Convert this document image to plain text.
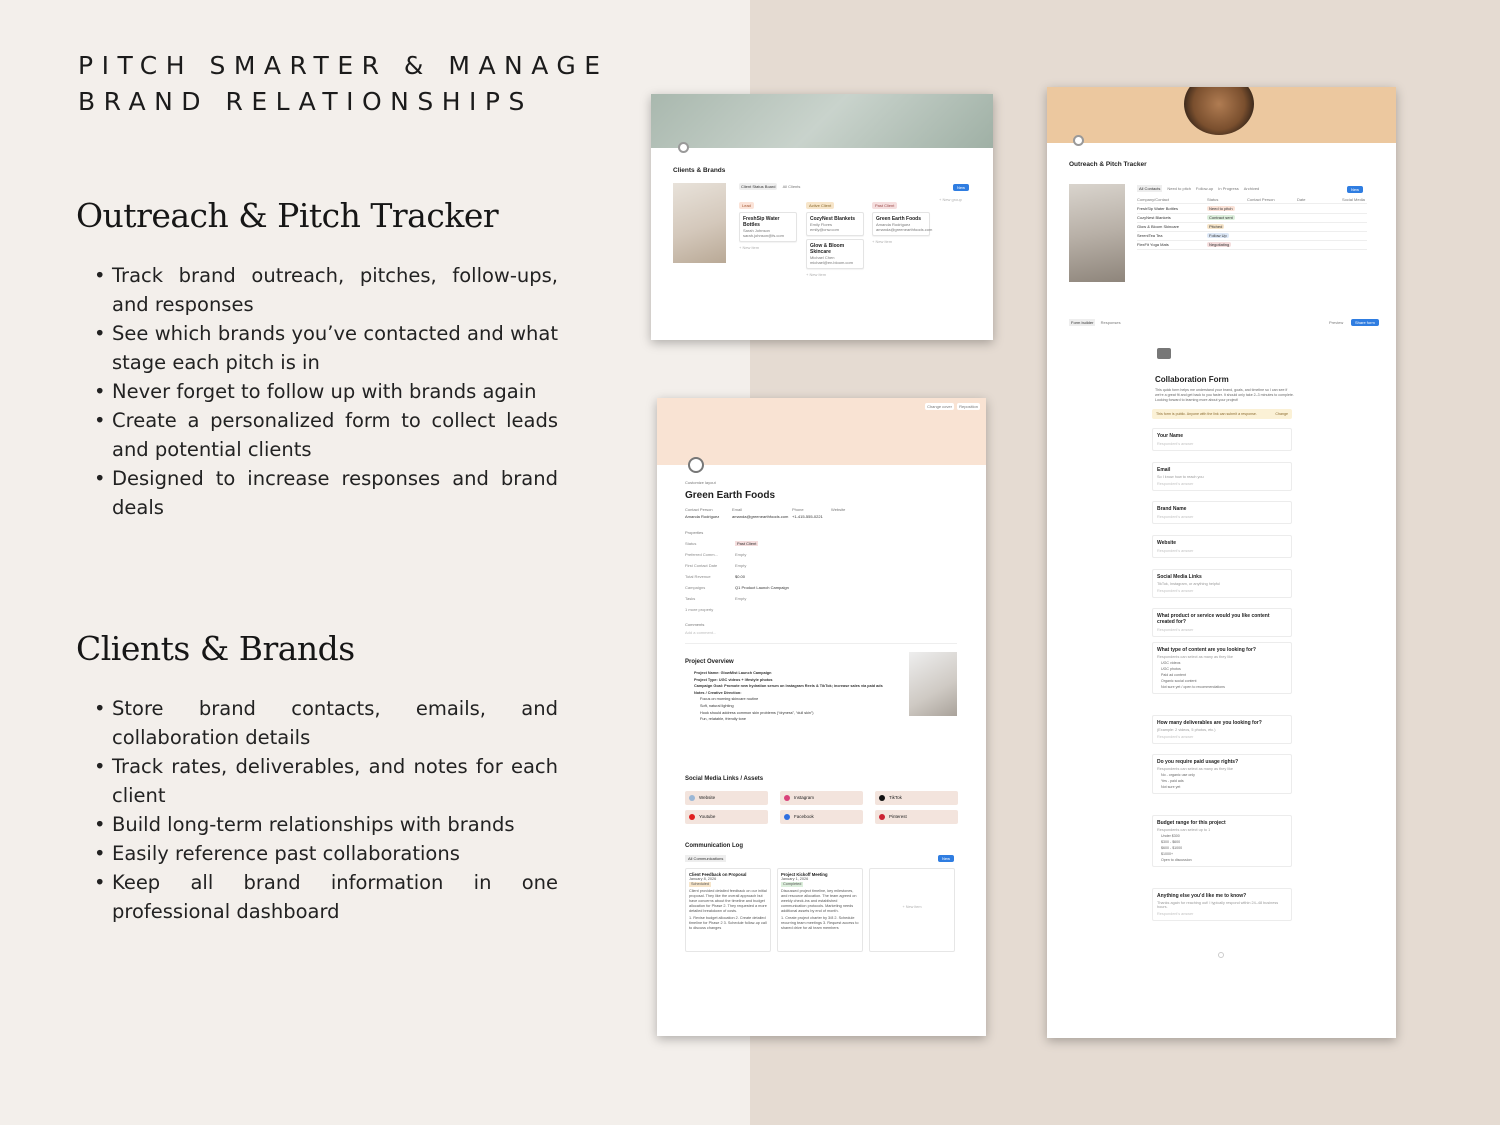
PITCH SMARTER & MANAGE
BRAND RELATIONSHIPS
Outreach & Pitch Tracker
• Track brand outreach, pitches, follow-ups, and responses
• See which brands you’ve contacted and what stage each pitch is in
• Never forget to follow up with brands again
• Create a personalized form to collect leads and potential clients
• Designed to increase responses and brand deals
Clients & Brands
• Store brand contacts, emails, and collaboration details
• Track rates, deliverables, and notes for each client
• Build long-term relationships with brands
• Easily reference past collaborations
• Keep all brand information in one professional dashboard
Clients & Brands
Client Status Board All Clients	New
Lead
FreshSip Water Bottles
Sarah Johnson
sarah.johnson@fs.com
+ New item
Active Client
CozyNest Blankets
Emily Flores
emily@cnw.com
Glow & Bloom Skincare
Michael Chen
michael@en.bloom.com
+ New item
Past Client
Green Earth Foods
Amanda Rodriguez
amanda@greenearthfoods.com
+ New item
+ New group
Change cover Reposition
Customize layout
Green Earth Foods
Contact Person	Email	Phone	Website
Amanda Rodriguez	amanda@greenearthfoods.com +1-415-555-0221
Properties
Status	Past Client
Preferred Comm...	Empty
First Contact Date	Empty
Total Revenue	$0.00
Campaigns	Q1 Product Launch Campaign
Tasks	Empty
1 more property
Comments
Add a comment...
Project Overview
Project Name: GlowMist Launch Campaign
Project Type: UGC videos + lifestyle photos
Campaign Goal: Promote new hydration serum on Instagram Reels & TikTok; increase sales via paid ads
Notes / Creative Direction:
Focus on morning skincare routine
Soft, natural lighting
Hook should address common skin problems (“dryness”, “dull skin”)
Fun, relatable, friendly tone
Social Media Links / Assets
Website	Instagram	TikTok
Youtube	Facebook	Pinterest
Communication Log
All Communications	New
Client Feedback on Proposal
January 8, 2026
Scheduled
Client provided detailed feedback on our initial proposal. They like the overall approach but have concerns about the timeline and budget allocation for Phase 2. They requested a more detailed breakdown of costs.
1. Revise budget allocation 2. Create detailed timeline for Phase 2 3. Schedule follow-up call to discuss changes
Project Kickoff Meeting
January 1, 2026
Completed
Discussed project timeline, key milestones, and resource allocation. The team agreed on weekly check-ins and established communication protocols. Marketing needs additional assets by end of month.
1. Create project charter by 3/8 2. Schedule recurring team meetings 3. Request access to shared drive for all team members
+ New item
Outreach & Pitch Tracker
All Contacts Need to pitch Follow-up In Progress Archived	New
Company/Contact	Status	Contact Person	Date	Social Media
FreshSip Water Bottles	Need to pitch
CozyNest Blankets	Contract sent
Glow & Bloom Skincare	Pitched
SereniTea Tea	Follow Up
FlexFit Yoga Mats	Negotiating
Form builder Responses	Preview	Share form
Collaboration Form
This quick form helps me understand your brand, goals, and timeline so I can see if we’re a great fit and get back to you faster. It should only take 2–3 minutes to complete. Looking forward to learning more about your project!
This form is public. Anyone with the link can submit a response.	Change
Your Name
Respondent's answer
Email
So I know how to reach you
Respondent's answer
Brand Name
Respondent's answer
Website
Respondent's answer
Social Media Links
TikTok, Instagram, or anything helpful
Respondent's answer
What product or service would you like content created for?
Respondent's answer
What type of content are you looking for?
Respondents can select as many as they like
UGC videos
UGC photos
Paid ad content
Organic social content
Not sure yet / open to recommendations
How many deliverables are you looking for?
(Example: 2 videos, 5 photos, etc.)
Respondent's answer
Do you require paid usage rights?
Respondents can select as many as they like
No - organic use only
Yes - paid ads
Not sure yet
Budget range for this project
Respondents can select up to 1
Under $300
$300 - $600
$600 - $1000
$1000+
Open to discussion
Anything else you’d like me to know?
Thanks again for reaching out! I typically respond within 24–48 business hours.
Respondent's answer
